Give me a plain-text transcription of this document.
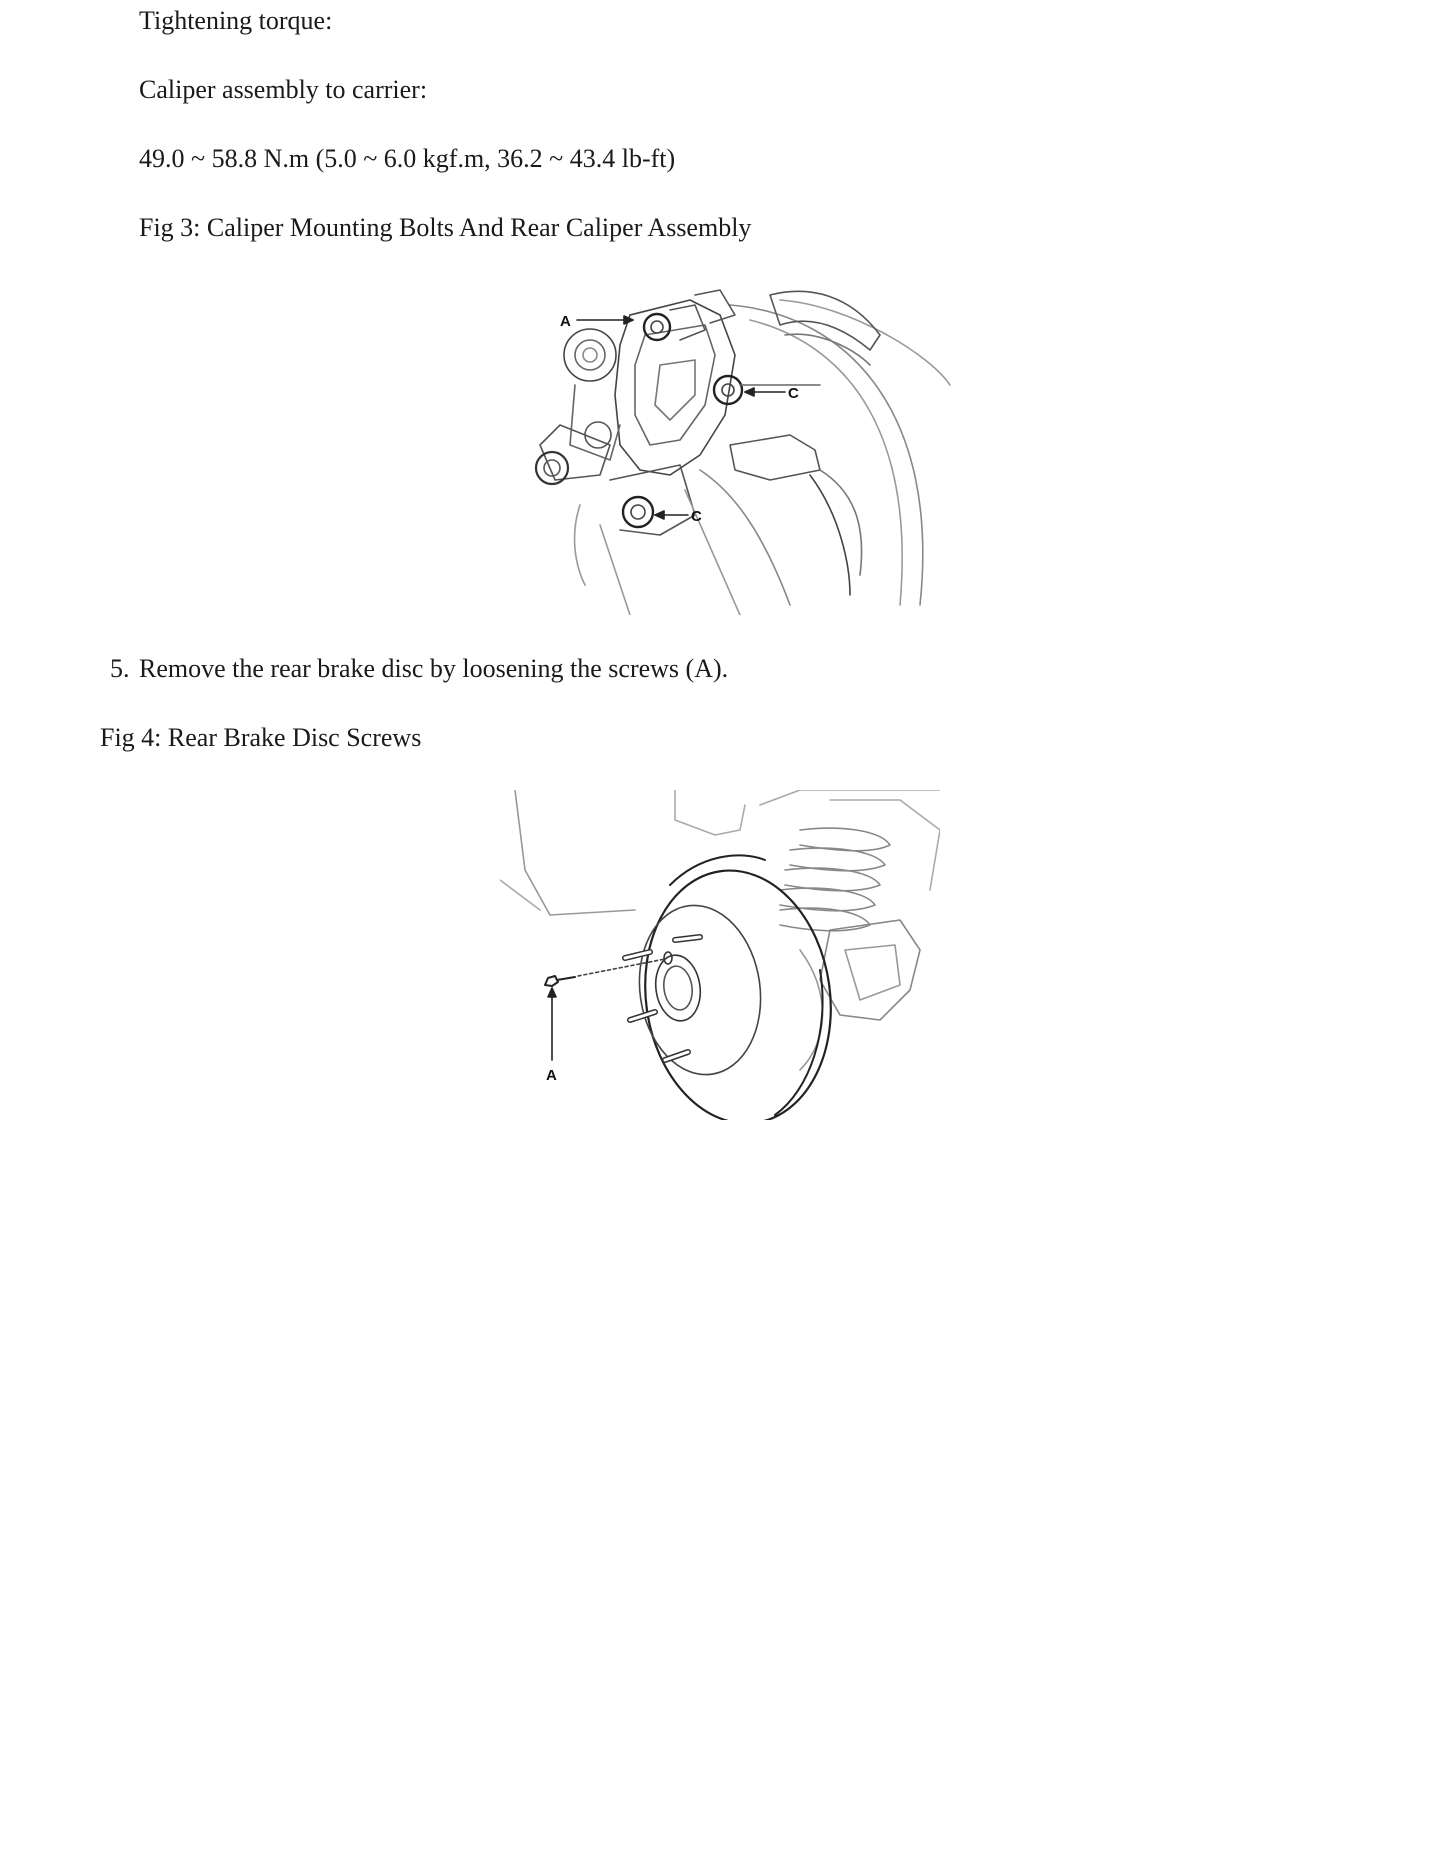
Tightening torque:
Caliper assembly to carrier:
49.0 ~ 58.8 N.m (5.0 ~ 6.0 kgf.m, 36.2 ~ 43.4 lb-ft)
Fig 3: Caliper Mounting Bolts And Rear Caliper Assembly
A
C
C
5. Remove the rear brake disc by loosening the screws (A).
Fig 4: Rear Brake Disc Screws
A
